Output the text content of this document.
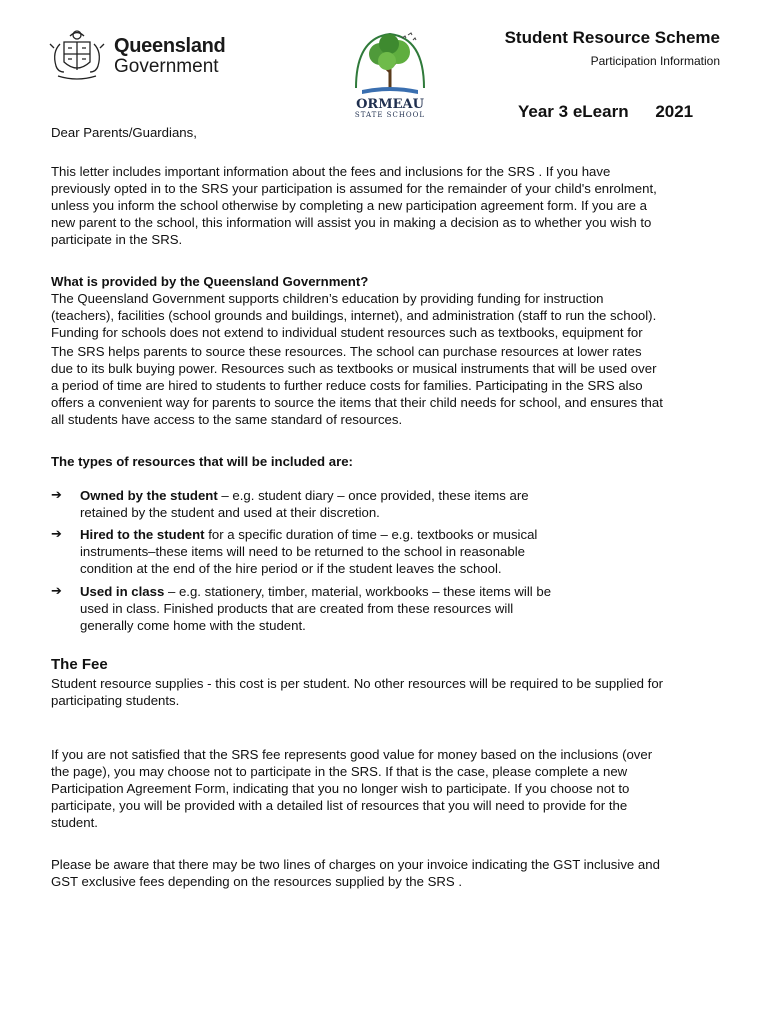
Queensland
Government
ORMEAU
STATE SCHOOL
Student Resource Scheme
Participation Information
Year 3 eLearn 2021

Dear Parents/Guardians,

This letter includes important information about the fees and inclusions for the SRS . If you have

previously opted in to the SRS your participation is assumed for the remainder of your child's enrolment,

unless you inform the school otherwise by completing a new participation agreement form. If you are a

new parent to the school, this information will assist you in making a decision as to whether you wish to

participate in the SRS.

What is provided by the Queensland Government?

The Queensland Government supports children’s education by providing funding for instruction

(teachers), facilities (school grounds and buildings, internet), and administration (staff to run the school).

Funding for schools does not extend to individual student resources such as textbooks, equipment for

The SRS helps parents to source these resources. The school can purchase resources at lower rates

due to its bulk buying power. Resources such as textbooks or musical instruments that will be used over

a period of time are hired to students to further reduce costs for families. Participating in the SRS also

offers a convenient way for parents to source the items that their child needs for school, and ensures that

all students have access to the same standard of resources.

The types of resources that will be included are:

➔ Owned by the student – e.g. student diary – once provided, these items are
retained by the student and used at their discretion.
➔ Hired to the student for a specific duration of time – e.g. textbooks or musical
instruments–these items will need to be returned to the school in reasonable
condition at the end of the hire period or if the student leaves the school.
➔ Used in class – e.g. stationery, timber, material, workbooks – these items will be
used in class. Finished products that are created from these resources will
generally come home with the student.

The Fee

Student resource supplies - this cost is per student. No other resources will be required to be supplied for

participating students.

If you are not satisfied that the SRS fee represents good value for money based on the inclusions (over

the page), you may choose not to participate in the SRS. If that is the case, please complete a new

Participation Agreement Form, indicating that you no longer wish to participate. If you choose not to

participate, you will be provided with a detailed list of resources that you will need to provide for the

student.

Please be aware that there may be two lines of charges on your invoice indicating the GST inclusive and

GST exclusive fees depending on the resources supplied by the SRS .
